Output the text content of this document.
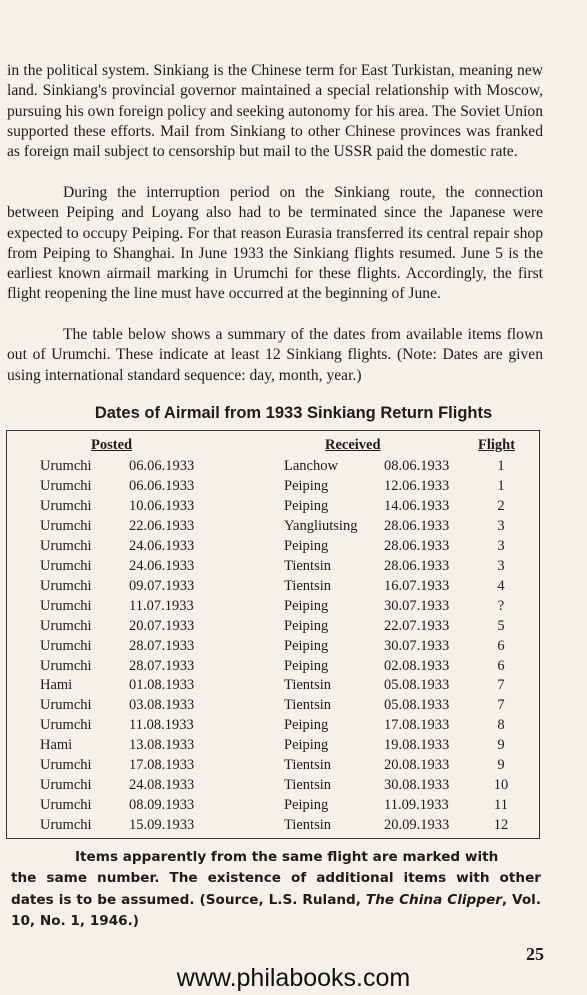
in the political system. Sinkiang is the Chinese term for East Turkistan, meaning new land. Sinkiang's provincial governor maintained a special relationship with Moscow, pursuing his own foreign policy and seeking autonomy for his area. The Soviet Union supported these efforts. Mail from Sinkiang to other Chinese provinces was franked as foreign mail subject to censorship but mail to the USSR paid the domestic rate.

During the interruption period on the Sinkiang route, the connection between Peiping and Loyang also had to be terminated since the Japanese were expected to occupy Peiping. For that reason Eurasia transferred its central repair shop from Peiping to Shanghai. In June 1933 the Sinkiang flights resumed. June 5 is the earliest known airmail marking in Urumchi for these flights. Accordingly, the first flight reopening the line must have occurred at the beginning of June.

The table below shows a summary of the dates from available items flown out of Urumchi. These indicate at least 12 Sinkiang flights. (Note: Dates are given using international standard sequence: day, month, year.)

Dates of Airmail from 1933 Sinkiang Return Flights
Posted	Received	Flight
Urumchi	06.06.1933	Lanchow	08.06.1933	1
Urumchi	06.06.1933	Peiping	12.06.1933	1
Urumchi	10.06.1933	Peiping	14.06.1933	2
Urumchi	22.06.1933	Yangliutsing 28.06.1933	3
Urumchi	24.06.1933	Peiping	28.06.1933	3
Urumchi	24.06.1933	Tientsin	28.06.1933	3
Urumchi	09.07.1933	Tientsin	16.07.1933	4
Urumchi	11.07.1933	Peiping	30.07.1933	?
Urumchi	20.07.1933	Peiping	22.07.1933	5
Urumchi	28.07.1933	Peiping	30.07.1933	6
Urumchi	28.07.1933	Peiping	02.08.1933	6
Hami	01.08.1933	Tientsin	05.08.1933	7
Urumchi	03.08.1933	Tientsin	05.08.1933	7
Urumchi	11.08.1933	Peiping	17.08.1933	8
Hami	13.08.1933	Peiping	19.08.1933	9
Urumchi	17.08.1933	Tientsin	20.08.1933	9
Urumchi	24.08.1933	Tientsin	30.08.1933	10
Urumchi	08.09.1933	Peiping	11.09.1933	11
Urumchi	15.09.1933	Tientsin	20.09.1933	12
Items apparently from the same flight are marked with
the same number. The existence of additional items with other dates is to be assumed. (Source, L.S. Ruland, The China Clipper, Vol. 10, No. 1, 1946.)
25
www.philabooks.com
